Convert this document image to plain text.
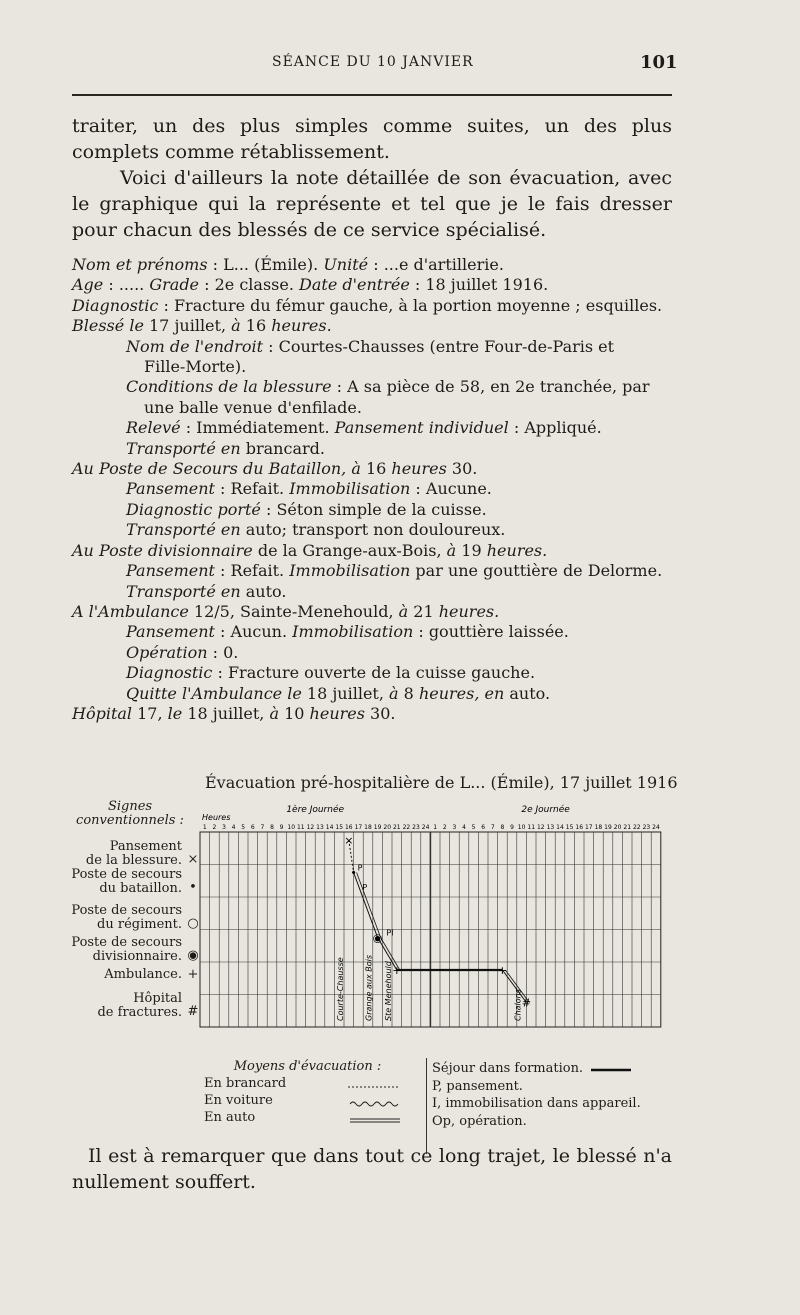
SÉANCE DU 10 JANVIER	101

traiter, un des plus simples comme suites, un des plus complets comme rétablissement.

Voici d'ailleurs la note détaillée de son évacuation, avec le graphique qui la représente et tel que je le fais dresser pour chacun des blessés de ce service spécialisé.

Nom et prénoms : L... (Émile). Unité : ...e d'artillerie.
Age : ..... Grade : 2e classe. Date d'entrée : 18 juillet 1916.
Diagnostic : Fracture du fémur gauche, à la portion moyenne ; esquilles.
Blessé le 17 juillet, à 16 heures.
Nom de l'endroit : Courtes-Chausses (entre Four-de-Paris et
Fille-Morte).
Conditions de la blessure : A sa pièce de 58, en 2e tranchée, par
une balle venue d'enfilade.
Relevé : Immédiatement. Pansement individuel : Appliqué.
Transporté en brancard.
Au Poste de Secours du Bataillon, à 16 heures 30.
Pansement : Refait. Immobilisation : Aucune.
Diagnostic porté : Séton simple de la cuisse.
Transporté en auto; transport non douloureux.
Au Poste divisionnaire de la Grange-aux-Bois, à 19 heures.
Pansement : Refait. Immobilisation par une gouttière de Delorme.
Transporté en auto.
A l'Ambulance 12/5, Sainte-Menehould, à 21 heures.
Pansement : Aucun. Immobilisation : gouttière laissée.
Opération : 0.
Diagnostic : Fracture ouverte de la cuisse gauche.
Quitte l'Ambulance le 18 juillet, à 8 heures, en auto.
Hôpital 17, le 18 juillet, à 10 heures 30.
Évacuation pré-hospitalière de L... (Émile), 17 juillet 1916
Signes
conventionnels :
Pansement
de la blessure. ×
Poste de secours
du bataillon. •
Poste de secours
du régiment. ○
Poste de secours
divisionnaire. ◉
Ambulance. +
Hôpital
de fractures. #
1ère Journée	2e Journée
Heures
1 2 3 4 5 6 7 8 9 10 11 12 13 14 15 16 17 18 19 20 21 22 23 24 1 2 3 4 5 6 7 8 9 10 11 12 13 14 15 16 17 18 19 20 21 22 23 24
×
•
◉
+	+
#
P
P
PI
Courte-Chausse Grange aux Bois Ste Menehould	Chalons
Moyens d'évacuation :
En brancard
En voiture
En auto
Séjour dans formation.
P, pansement.
I, immobilisation dans appareil.
Op, opération.

Il est à remarquer que dans tout ce long trajet, le blessé n'a nullement souffert.
